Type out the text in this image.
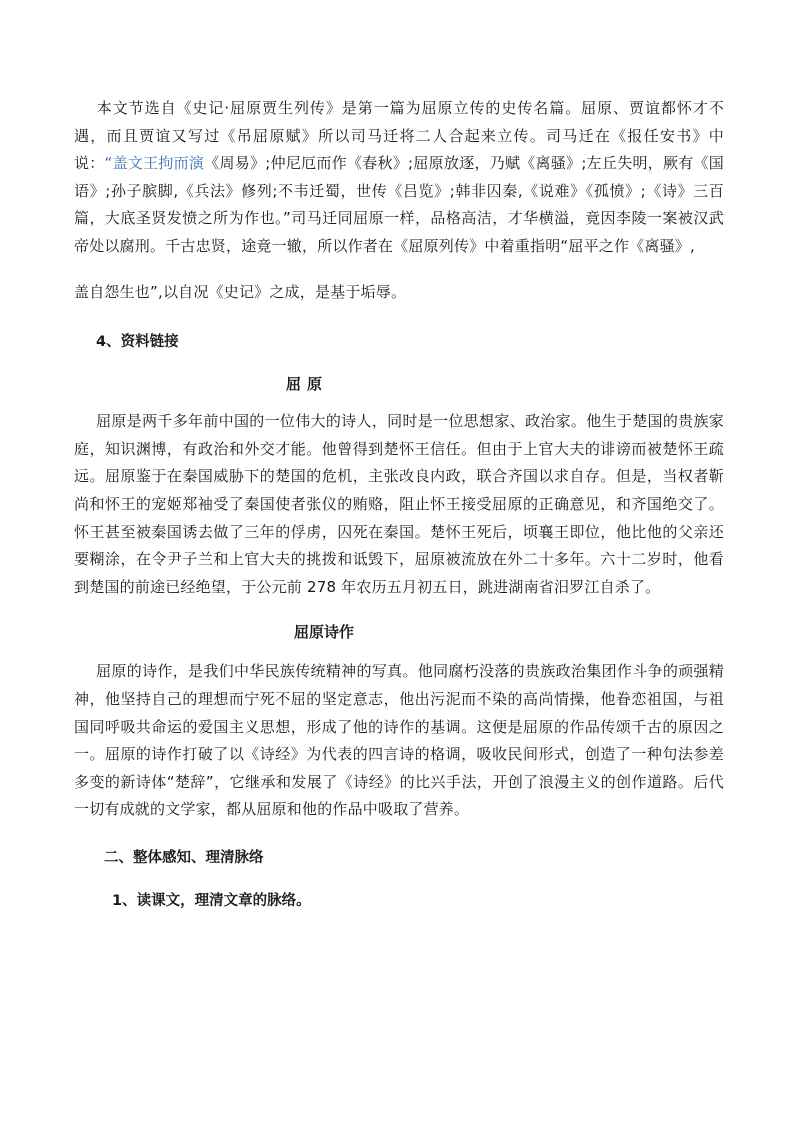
本文节选自《史记·屈原贾生列传》是第一篇为屈原立传的史传名篇。屈原、贾谊都怀才不遇，而且贾谊又写过《吊屈原赋》所以司马迁将二人合起来立传。司马迁在《报任安书》中说：“盖文王拘而演《周易》;仲尼厄而作《春秋》;屈原放逐，乃赋《离骚》;左丘失明，厥有《国语》;孙子膑脚,《兵法》修列;不韦迁蜀，世传《吕览》;韩非囚秦,《说难》《孤愤》;《诗》三百篇，大底圣贤发愤之所为作也。”司马迁同屈原一样，品格高洁，才华横溢，竟因李陵一案被汉武帝处以腐刑。千古忠贤，途竟一辙，所以作者在《屈原列传》中着重指明“屈平之作《离骚》,

盖自怨生也”,以自况《史记》之成，是基于垢辱。

4、资料链接
屈原

屈原是两千多年前中国的一位伟大的诗人，同时是一位思想家、政治家。他生于楚国的贵族家庭，知识渊博，有政治和外交才能。他曾得到楚怀王信任。但由于上官大夫的诽谤而被楚怀王疏远。屈原鉴于在秦国威胁下的楚国的危机，主张改良内政，联合齐国以求自存。但是，当权者靳尚和怀王的宠姬郑袖受了秦国使者张仪的贿赂，阻止怀王接受屈原的正确意见，和齐国绝交了。怀王甚至被秦国诱去做了三年的俘虏，囚死在秦国。楚怀王死后，顷襄王即位，他比他的父亲还要糊涂，在令尹子兰和上官大夫的挑拨和诋毁下，屈原被流放在外二十多年。六十二岁时，他看到楚国的前途已经绝望，于公元前 278 年农历五月初五日，跳进湖南省汨罗江自杀了。

屈原诗作

屈原的诗作，是我们中华民族传统精神的写真。他同腐朽没落的贵族政治集团作斗争的顽强精神，他坚持自己的理想而宁死不屈的坚定意志，他出污泥而不染的高尚情操，他眷恋祖国，与祖国同呼吸共命运的爱国主义思想，形成了他的诗作的基调。这便是屈原的作品传颂千古的原因之一。屈原的诗作打破了以《诗经》为代表的四言诗的格调，吸收民间形式，创造了一种句法参差多变的新诗体“楚辞”，它继承和发展了《诗经》的比兴手法，开创了浪漫主义的创作道路。后代一切有成就的文学家，都从屈原和他的作品中吸取了营养。

二、整体感知、理清脉络
1、读课文，理清文章的脉络。
